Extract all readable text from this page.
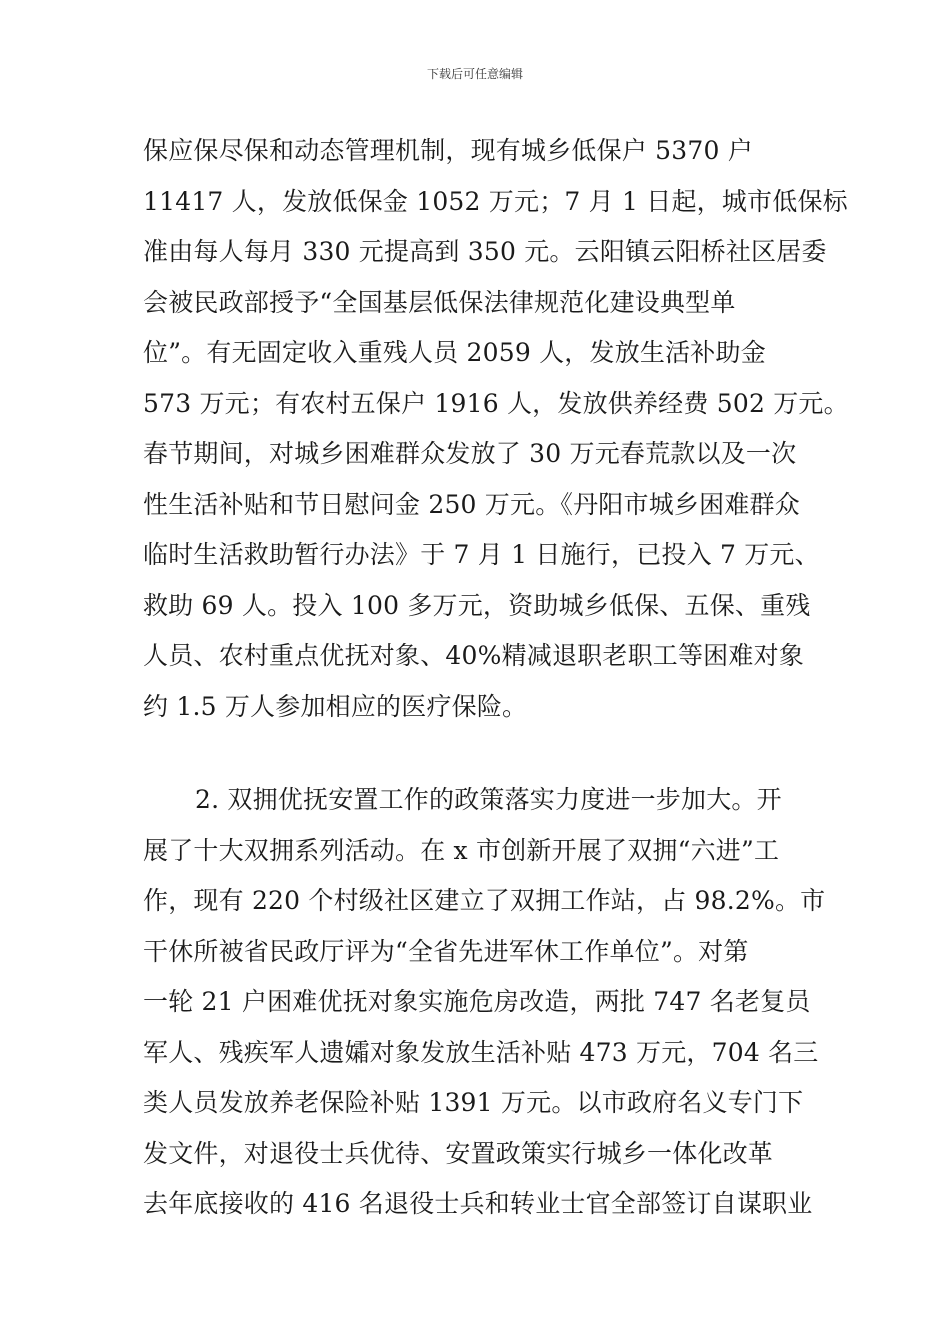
下载后可任意编辑
保应保尽保和动态管理机制，现有城乡低保户 5370 户
11417 人，发放低保金 1052 万元；7 月 1 日起，城市低保标
准由每人每月 330 元提高到 350 元。云阳镇云阳桥社区居委
会被民政部授予“全国基层低保法律规范化建设典型单
位”。有无固定收入重残人员 2059 人，发放生活补助金
573 万元；有农村五保户 1916 人，发放供养经费 502 万元。
春节期间，对城乡困难群众发放了 30 万元春荒款以及一次
性生活补贴和节日慰问金 250 万元。《丹阳市城乡困难群众
临时生活救助暂行办法》于 7 月 1 日施行，已投入 7 万元、
救助 69 人。投入 100 多万元，资助城乡低保、五保、重残
人员、农村重点优抚对象、40%精减退职老职工等困难对象
约 1.5 万人参加相应的医疗保险。
2. 双拥优抚安置工作的政策落实力度进一步加大。开
展了十大双拥系列活动。在 x 市创新开展了双拥“六进”工
作，现有 220 个村级社区建立了双拥工作站，占 98.2%。市
干休所被省民政厅评为“全省先进军休工作单位”。对第
一轮 21 户困难优抚对象实施危房改造，两批 747 名老复员
军人、残疾军人遗孀对象发放生活补贴 473 万元，704 名三
类人员发放养老保险补贴 1391 万元。以市政府名义专门下
发文件，对退役士兵优待、安置政策实行城乡一体化改革
去年底接收的 416 名退役士兵和转业士官全部签订自谋职业
